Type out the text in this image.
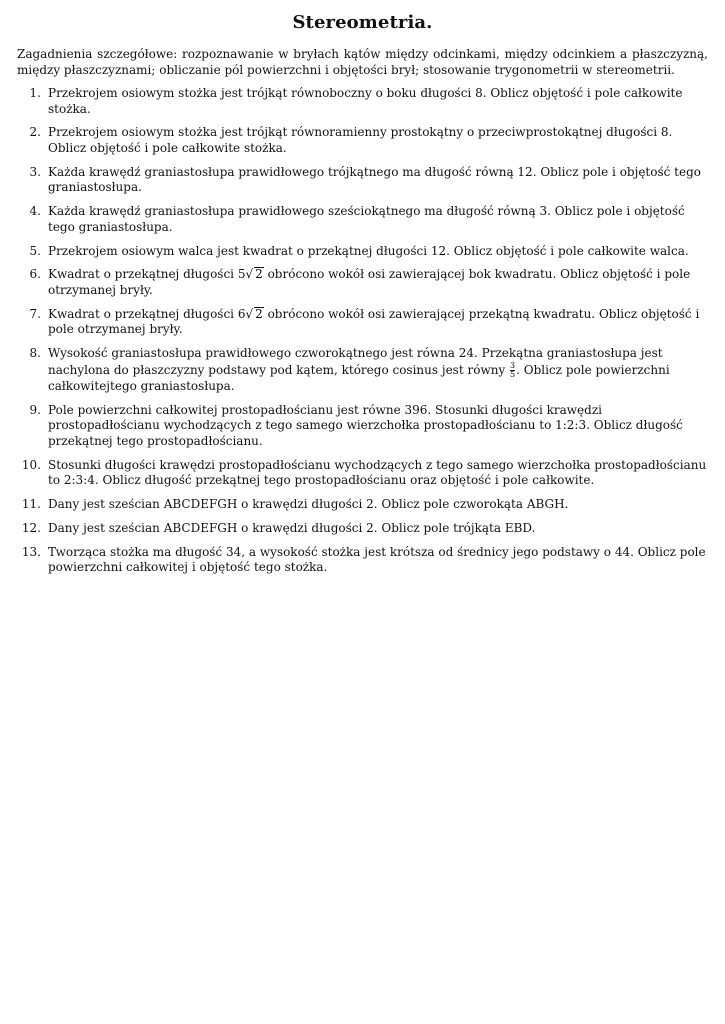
Stereometria.

Zagadnienia szczegółowe: rozpoznawanie w bryłach kątów między odcinkami, między odcinkiem a płaszczyzną, między płaszczyznami; obliczanie pól powierzchni i objętości brył; stosowanie trygonometrii w stereometrii.

1. Przekrojem osiowym stożka jest trójkąt równoboczny o boku długości 8. Oblicz objętość i pole całkowite stożka.
2. Przekrojem osiowym stożka jest trójkąt równoramienny prostokątny o przeciwprostokątnej długości 8. Oblicz objętość i pole całkowite stożka.
3. Każda krawędź graniastosłupa prawidłowego trójkątnego ma długość równą 12. Oblicz pole i objętość tego graniastosłupa.
4. Każda krawędź graniastosłupa prawidłowego sześciokątnego ma długość równą 3. Oblicz pole i objętość tego graniastosłupa.
5. Przekrojem osiowym walca jest kwadrat o przekątnej długości 12. Oblicz objętość i pole całkowite walca.
6. Kwadrat o przekątnej długości 5√ 2 obrócono wokół osi zawierającej bok kwadratu. Oblicz objętość i pole otrzymanej bryły.
7. Kwadrat o przekątnej długości 6√ 2 obrócono wokół osi zawierającej przekątną kwadratu. Oblicz objętość i pole otrzymanej bryły.
8. Wysokość graniastosłupa prawidłowego czworokątnego jest równa 24. Przekątna graniastosłupa jest nachylona do płaszczyzny podstawy pod kątem, którego cosinus jest równy $\frac{3}{5}$ . Oblicz pole powierzchni całkowitejtego graniastosłupa.
9. Pole powierzchni całkowitej prostopadłościanu jest równe 396. Stosunki długości krawędzi prostopadłościanu wychodzących z tego samego wierzchołka prostopadłościanu to 1:2:3. Oblicz długość przekątnej tego prostopadłościanu.
10. Stosunki długości krawędzi prostopadłościanu wychodzących z tego samego wierzchołka prostopadłościanu to 2:3:4. Oblicz długość przekątnej tego prostopadłościanu oraz objętość i pole całkowite.
11. Dany jest sześcian ABCDEFGH o krawędzi długości 2. Oblicz pole czworokąta ABGH.
12. Dany jest sześcian ABCDEFGH o krawędzi długości 2. Oblicz pole trójkąta EBD.
13. Tworząca stożka ma długość 34, a wysokość stożka jest krótsza od średnicy jego podstawy o 44. Oblicz pole powierzchni całkowitej i objętość tego stożka.
